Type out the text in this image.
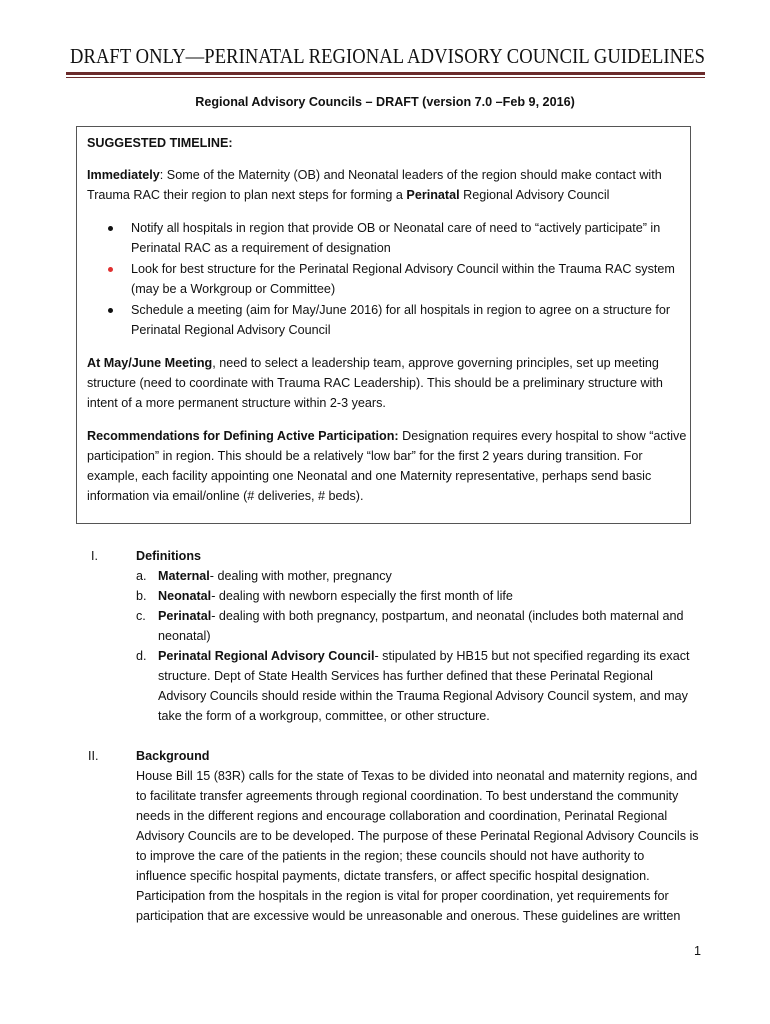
DRAFT ONLY—PERINATAL REGIONAL ADVISORY COUNCIL GUIDELINES
Regional Advisory Councils – DRAFT (version 7.0 –Feb 9, 2016)
SUGGESTED TIMELINE:
Immediately: Some of the Maternity (OB) and Neonatal leaders of the region should make contact with
Trauma RAC their region to plan next steps for forming a Perinatal Regional Advisory Council
Notify all hospitals in region that provide OB or Neonatal care of need to “actively participate” in
Perinatal RAC as a requirement of designation
Look for best structure for the Perinatal Regional Advisory Council within the Trauma RAC system
(may be a Workgroup or Committee)
Schedule a meeting (aim for May/June 2016) for all hospitals in region to agree on a structure for
Perinatal Regional Advisory Council
At May/June Meeting, need to select a leadership team, approve governing principles, set up meeting
structure (need to coordinate with Trauma RAC Leadership). This should be a preliminary structure with
intent of a more permanent structure within 2-3 years.
Recommendations for Defining Active Participation: Designation requires every hospital to show “active
participation” in region. This should be a relatively “low bar” for the first 2 years during transition. For
example, each facility appointing one Neonatal and one Maternity representative, perhaps send basic
information via email/online (# deliveries, # beds).
I.	Definitions
a. Maternal- dealing with mother, pregnancy
b. Neonatal- dealing with newborn especially the first month of life
c. Perinatal- dealing with both pregnancy, postpartum, and neonatal (includes both maternal and
neonatal)
d. Perinatal Regional Advisory Council- stipulated by HB15 but not specified regarding its exact
structure. Dept of State Health Services has further defined that these Perinatal Regional
Advisory Councils should reside within the Trauma Regional Advisory Council system, and may
take the form of a workgroup, committee, or other structure.
II.	Background
House Bill 15 (83R) calls for the state of Texas to be divided into neonatal and maternity regions, and
to facilitate transfer agreements through regional coordination. To best understand the community
needs in the different regions and encourage collaboration and coordination, Perinatal Regional
Advisory Councils are to be developed. The purpose of these Perinatal Regional Advisory Councils is
to improve the care of the patients in the region; these councils should not have authority to
influence specific hospital payments, dictate transfers, or affect specific hospital designation.
Participation from the hospitals in the region is vital for proper coordination, yet requirements for
participation that are excessive would be unreasonable and onerous. These guidelines are written
1
